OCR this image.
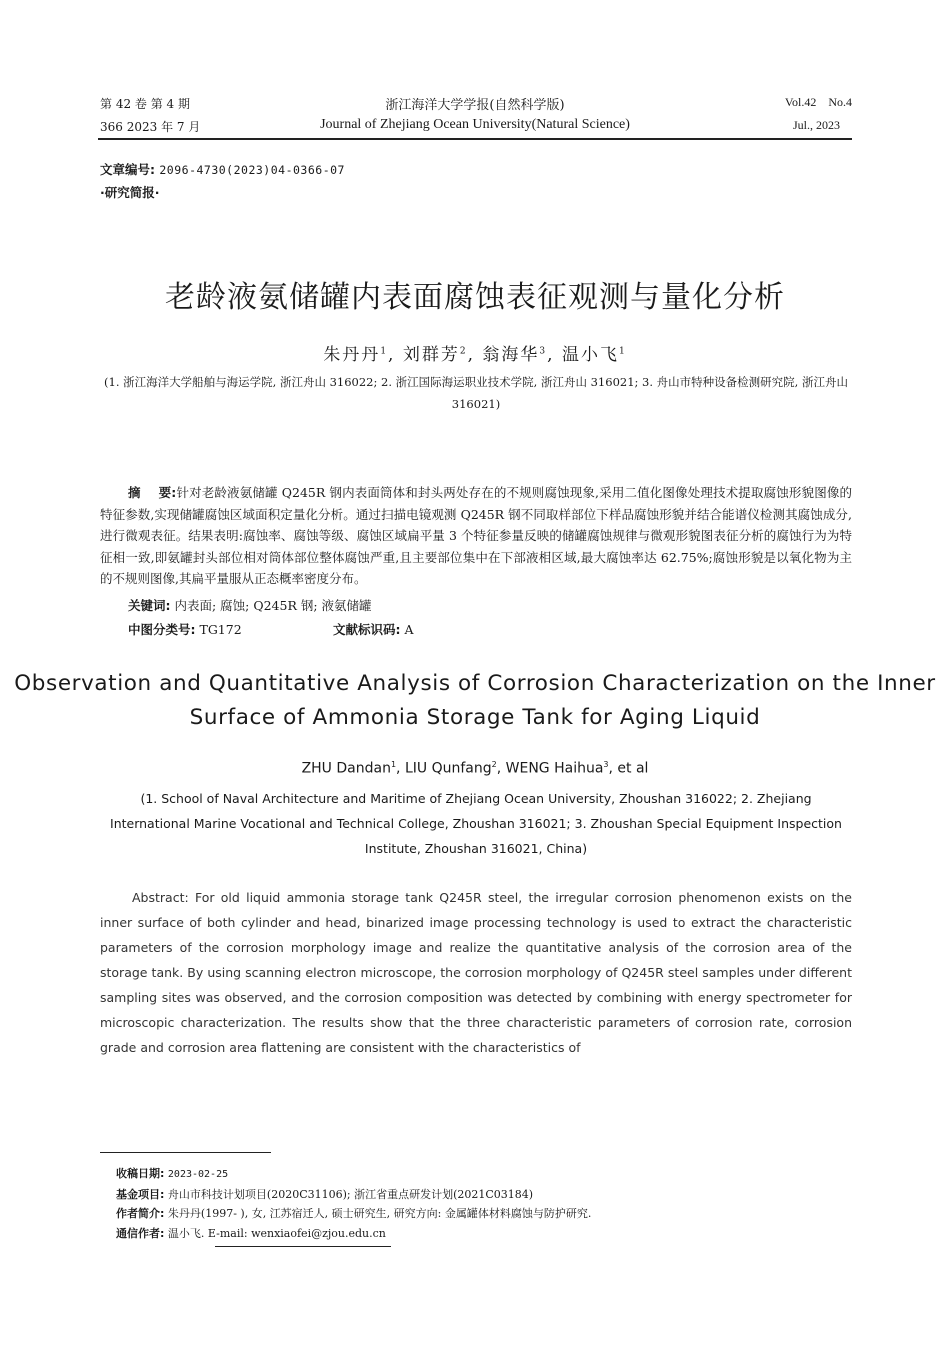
第 42 卷 第 4 期
366 2023 年 7 月
浙江海洋大学学报(自然科学版)
Journal of Zhejiang Ocean University(Natural Science)
Vol.42    No.4
Jul., 2023
文章编号: 2096-4730(2023)04-0366-07
·研究简报·
老龄液氨储罐内表面腐蚀表征观测与量化分析
朱丹丹$^1$, 刘群芳$^2$, 翁海华$^3$, 温小飞$^1$
(1. 浙江海洋大学船舶与海运学院, 浙江舟山 316022; 2. 浙江国际海运职业技术学院, 浙江舟山 316021; 3. 舟山市特种设备检测研究院, 浙江舟山 316021)
摘    要:针对老龄液氨储罐 Q245R 钢内表面筒体和封头两处存在的不规则腐蚀现象,采用二值化图像处理技术提取腐蚀形貌图像的特征参数,实现储罐腐蚀区域面积定量化分析。通过扫描电镜观测 Q245R 钢不同取样部位下样品腐蚀形貌并结合能谱仪检测其腐蚀成分,进行微观表征。结果表明:腐蚀率、腐蚀等级、腐蚀区域扁平量 3 个特征参量反映的储罐腐蚀规律与微观形貌图表征分析的腐蚀行为为特征相一致,即氨罐封头部位相对筒体部位整体腐蚀严重,且主要部位集中在下部液相区域,最大腐蚀率达 62.75%;腐蚀形貌是以氧化物为主的不规则图像,其扁平量服从正态概率密度分布。
关键词: 内表面; 腐蚀; Q245R 钢; 液氨储罐
中图分类号: TG172	文献标识码: A
Observation and Quantitative Analysis of Corrosion Characterization on the Inner Surface of Ammonia Storage Tank for Aging Liquid
ZHU Dandan$^1$, LIU Qunfang$^2$, WENG Haihua$^3$, et al
(1. School of Naval Architecture and Maritime of Zhejiang Ocean University, Zhoushan 316022; 2. Zhejiang International Marine Vocational and Technical College, Zhoushan 316021; 3. Zhoushan Special Equipment Inspection Institute, Zhoushan 316021, China)
Abstract: For old liquid ammonia storage tank Q245R steel, the irregular corrosion phenomenon exists on the inner surface of both cylinder and head, binarized image processing technology is used to extract the characteristic parameters of the corrosion morphology image and realize the quantitative analysis of the corrosion area of the storage tank. By using scanning electron microscope, the corrosion morphology of Q245R steel samples under different sampling sites was observed, and the corrosion composition was detected by combining with energy spectrometer for microscopic characterization. The results show that the three characteristic parameters of corrosion rate, corrosion grade and corrosion area flattening are consistent with the characteristics of
收稿日期: 2023-02-25
基金项目: 舟山市科技计划项目(2020C31106); 浙江省重点研发计划(2021C03184)
作者简介: 朱丹丹(1997- ), 女, 江苏宿迁人, 硕士研究生, 研究方向: 金属罐体材料腐蚀与防护研究.
通信作者: 温小飞. E-mail: wenxiaofei@zjou.edu.cn
